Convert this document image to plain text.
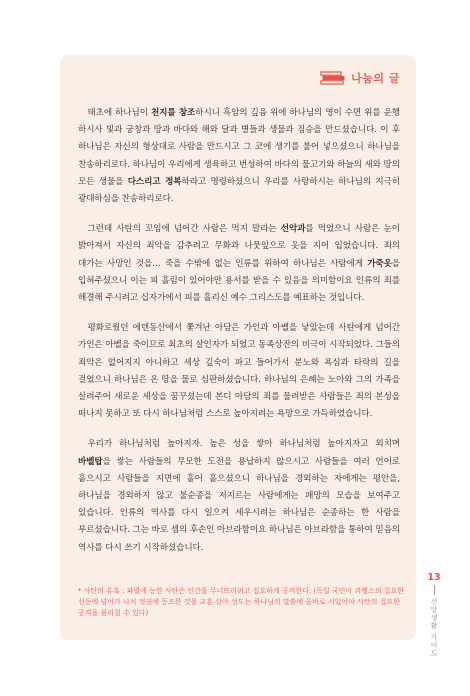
나눔의 글

태초에 하나님이 천지를 창조하시니 흑암의 깊음 위에 하나님의 영이 수면 위를 운행 하시사 빛과 궁창과 땅과 바다와 해와 달과 별들과 생물과 짐승을 만드셨습니다. 이 후 하나님은 자신의 형상대로 사람을 만드시고 그 코에 생기를 불어 넣으셨으니 하나님을 찬송하리로다. 하나님이 우리에게 생육하고 번성하여 바다의 물고기와 하늘의 새와 땅의 모든 생물을 다스리고 정복하라고 명령하셨으니 우리를 사랑하시는 하나님의 지극히 광대하심을 찬송하리로다.

그런데 사탄의 꼬임에 넘어간 사람은 먹지 말라는 선악과를 먹었으니 사람은 눈이 밝아져서 자신의 죄악을 감추려고 무화과 나뭇잎으로 옷을 지어 입었습니다. 죄의 대가는 사망인 것을… 죽을 수밖에 없는 인류를 위하여 하나님은 사람에게 가죽옷을 입혀주셨으니 이는 피 흘림이 있어야만 용서를 받을 수 있음을 의미함이요 인류의 죄를 해결해 주시려고 십자가에서 피를 흘리신 예수 그리스도를 예표하는 것입니다.

평화로웠던 에덴동산에서 쫓겨난 아담은 가인과 아벨을 낳았는데 사탄에게 넘어간 가인은 아벨을 죽이므로 최초의 살인자가 되었고 동족상잔의 비극이 시작되었다. 그들의 죄악은 없어지지 아니하고 세상 깊숙이 파고 들어가서 분노와 욕심과 타락의 길을 걸었으니 하나님은 온 땅을 물로 심판하셨습니다. 하나님의 은혜는 노아와 그의 가족을 살려주어 새로운 세상을 꿈꾸셨는데 본디 아담의 죄를 물려받은 사람들은 죄의 본성을 떠나지 못하고 또 다시 하나님처럼 스스로 높아지려는 욕망으로 가득하였습니다.

우리가 하나님처럼 높아지자. 높은 성을 쌓아 하나님처럼 높아지자고 외치며 바벨탑을 쌓는 사람들의 무모한 도전을 용납하지 않으시고 사람들을 여러 언어로 흩으시고 사람들을 지면에 흩어 흩으셨으니 하나님을 경외하는 자에게는 평안을, 하나님을 경외하지 않고 불순종을 저지르는 사람에게는 패망의 모습을 보여주고 있습니다. 인류의 역사를 다시 일으켜 세우시려는 하나님은 순종하는 한 사람을 부르셨습니다. 그는 바로 셈의 후손인 아브라함이요 하나님은 아브라함을 통하여 믿음의 역사를 다시 쓰기 시작하셨습니다.

* 사탄의 유혹 : 파멸에 능한 사탄은 인간을 무너뜨리려고 집요하게 공격한다. (독일 국민이 괴벨스의 집요한 선동에 넘어가 나치 정권에 동조한 것을 교훈 삼아 성도는 하나님의 말씀에 올바로 서있어야 사탄의 집요한 공격을 물리칠 수 있다)
13
신앙생활 가이드
